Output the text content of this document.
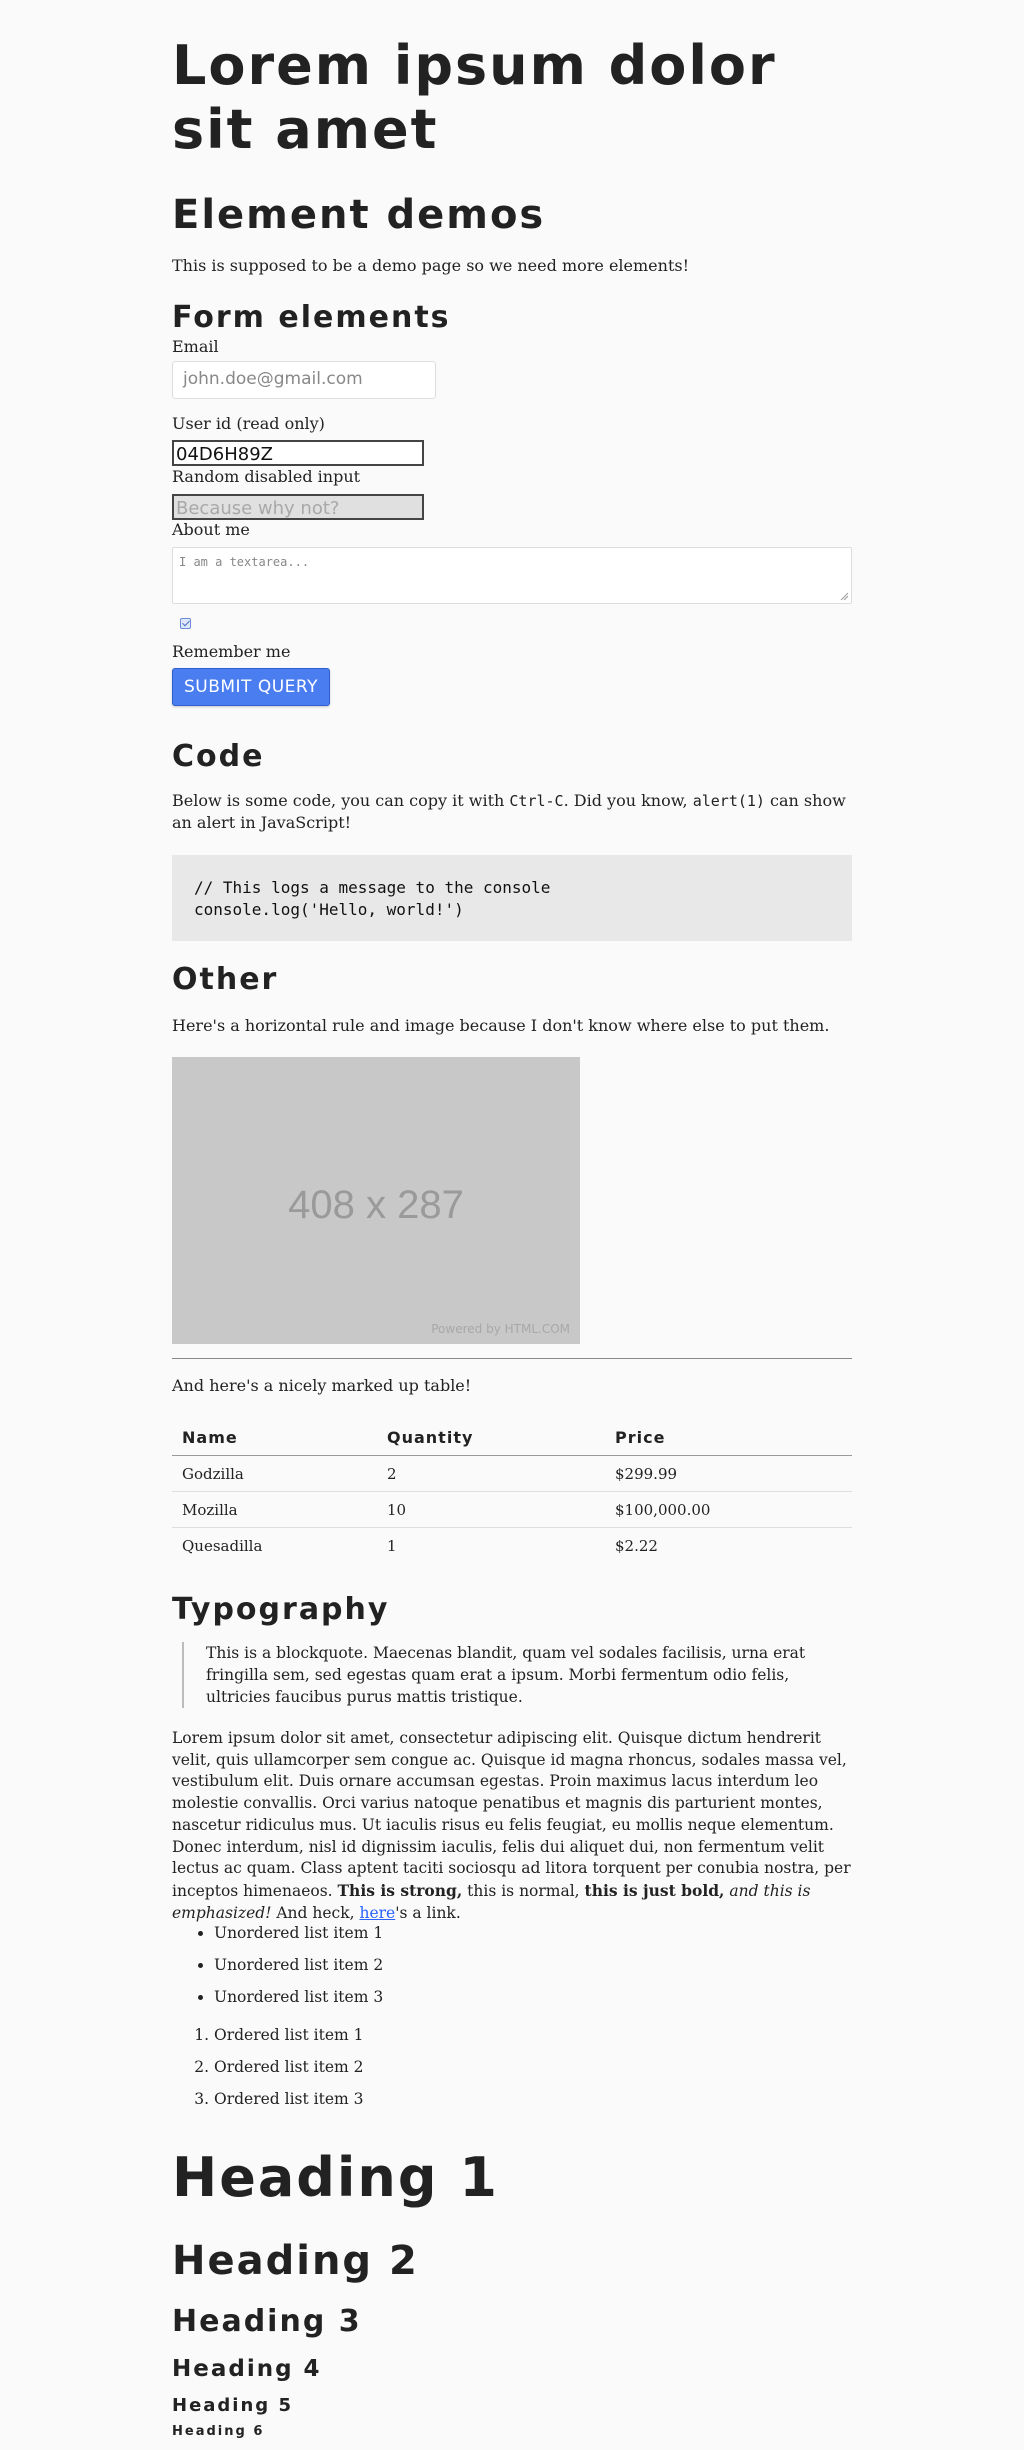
Lorem ipsum dolor sit amet
Element demos

This is supposed to be a demo page so we need more elements!

Form elements
Email
john.doe@gmail.com
User id (read only)
04D6H89Z
Random disabled input
Because why not?
About me
I am a textarea...
Remember me
SUBMIT QUERY
Code

Below is some code, you can copy it with Ctrl-C. Did you know, alert(1) can show an alert in JavaScript!

// This logs a message to the console
console.log('Hello, world!')
Other

Here's a horizontal rule and image because I don't know where else to put them.

408 x 287
Powered by HTML.COM

And here's a nicely marked up table!

Name	Quantity	Price
Godzilla	2	$299.99
Mozilla	10	$100,000.00
Quesadilla	1	$2.22
Typography
This is a blockquote. Maecenas blandit, quam vel sodales facilisis, urna erat fringilla sem, sed egestas quam erat a ipsum. Morbi fermentum odio felis, ultricies faucibus purus mattis tristique.

Lorem ipsum dolor sit amet, consectetur adipiscing elit. Quisque dictum hendrerit velit, quis ullamcorper sem congue ac. Quisque id magna rhoncus, sodales massa vel, vestibulum elit. Duis ornare accumsan egestas. Proin maximus lacus interdum leo molestie convallis. Orci varius natoque penatibus et magnis dis parturient montes, nascetur ridiculus mus. Ut iaculis risus eu felis feugiat, eu mollis neque elementum. Donec interdum, nisl id dignissim iaculis, felis dui aliquet dui, non fermentum velit lectus ac quam. Class aptent taciti sociosqu ad litora torquent per conubia nostra, per inceptos himenaeos. This is strong, this is normal, this is just bold, and this is emphasized! And heck, here's a link.

• Unordered list item 1
• Unordered list item 2
• Unordered list item 3
1. Ordered list item 1
2. Ordered list item 2
3. Ordered list item 3
Heading 1
Heading 2
Heading 3
Heading 4
Heading 5
Heading 6
